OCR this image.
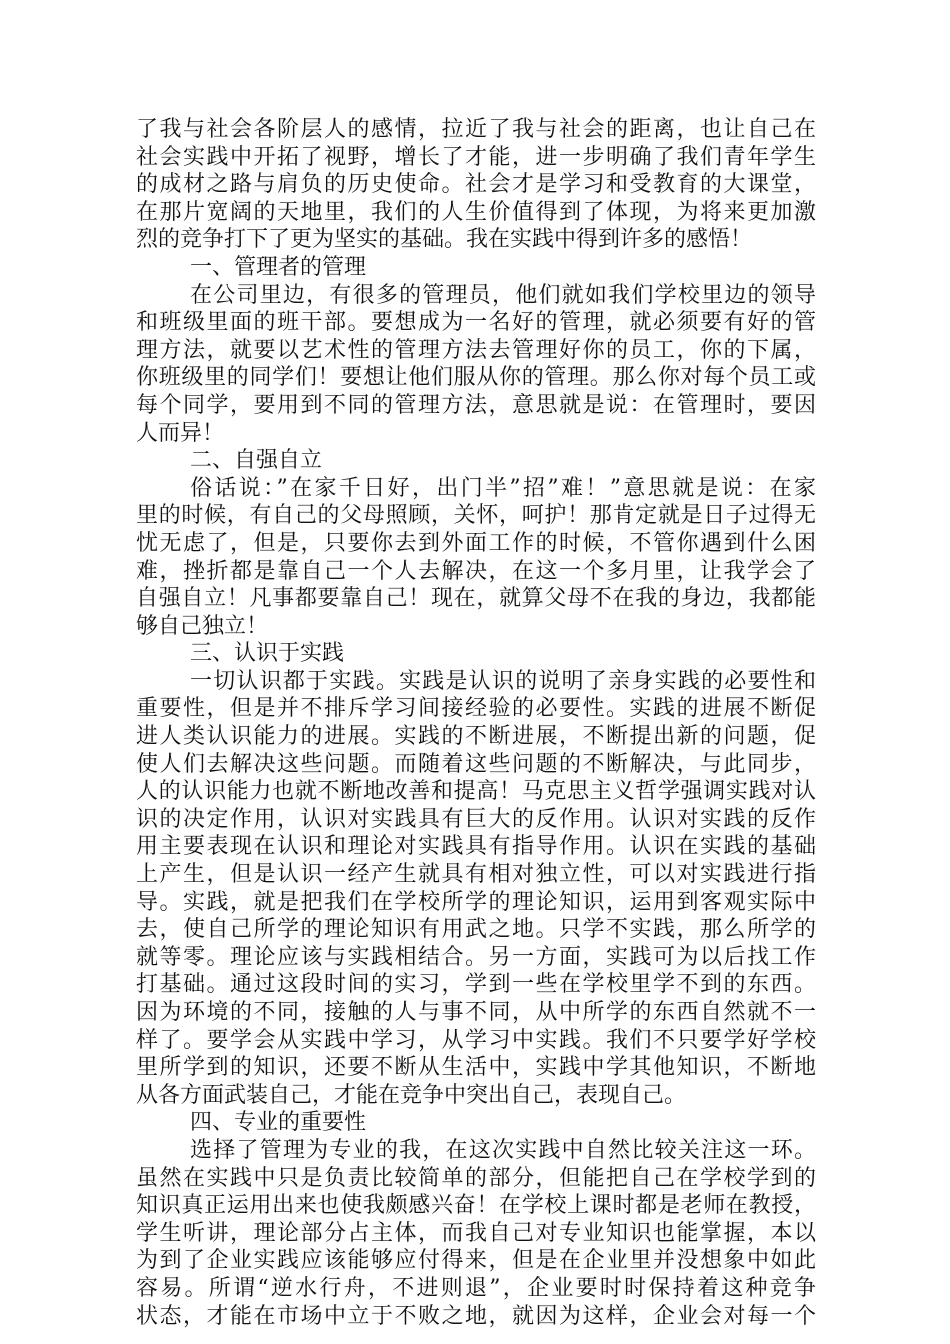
了我与社会各阶层人的感情，拉近了我与社会的距离，也让自己在
社会实践中开拓了视野，增长了才能，进一步明确了我们青年学生
的成材之路与肩负的历史使命。社会才是学习和受教育的大课堂，
在那片宽阔的天地里，我们的人生价值得到了体现，为将来更加激
烈的竞争打下了更为坚实的基础。我在实践中得到许多的感悟！
一、管理者的管理
在公司里边，有很多的管理员，他们就如我们学校里边的领导
和班级里面的班干部。要想成为一名好的管理，就必须要有好的管
理方法，就要以艺术性的管理方法去管理好你的员工，你的下属，
你班级里的同学们！要想让他们服从你的管理。那么你对每个员工或
每个同学，要用到不同的管理方法，意思就是说：在管理时，要因
人而异！
二、自强自立
俗话说：”在家千日好，出门半”招”难！”意思就是说：在家
里的时候，有自己的父母照顾，关怀，呵护！那肯定就是日子过得无
忧无虑了，但是，只要你去到外面工作的时候，不管你遇到什么困
难，挫折都是靠自己一个人去解决，在这一个多月里，让我学会了
自强自立！凡事都要靠自己！现在，就算父母不在我的身边，我都能
够自己独立！
三、认识于实践
一切认识都于实践。实践是认识的说明了亲身实践的必要性和
重要性，但是并不排斥学习间接经验的必要性。实践的进展不断促
进人类认识能力的进展。实践的不断进展，不断提出新的问题，促
使人们去解决这些问题。而随着这些问题的不断解决，与此同步，
人的认识能力也就不断地改善和提高！马克思主义哲学强调实践对认
识的决定作用，认识对实践具有巨大的反作用。认识对实践的反作
用主要表现在认识和理论对实践具有指导作用。认识在实践的基础
上产生，但是认识一经产生就具有相对独立性，可以对实践进行指
导。实践，就是把我们在学校所学的理论知识，运用到客观实际中
去，使自己所学的理论知识有用武之地。只学不实践，那么所学的
就等零。理论应该与实践相结合。另一方面，实践可为以后找工作
打基础。通过这段时间的实习，学到一些在学校里学不到的东西。
因为环境的不同，接触的人与事不同，从中所学的东西自然就不一
样了。要学会从实践中学习，从学习中实践。我们不只要学好学校
里所学到的知识，还要不断从生活中，实践中学其他知识，不断地
从各方面武装自己，才能在竞争中突出自己，表现自己。
四、专业的重要性
选择了管理为专业的我，在这次实践中自然比较关注这一环。
虽然在实践中只是负责比较简单的部分，但能把自己在学校学到的
知识真正运用出来也使我颇感兴奋！在学校上课时都是老师在教授，
学生听讲，理论部分占主体，而我自己对专业知识也能掌握，本以
为到了企业实践应该能够应付得来，但是在企业里并没想象中如此
容易。所谓“逆水行舟，不进则退”，企业要时时保持着这种竞争
状态，才能在市场中立于不败之地，就因为这样，企业会对每一个
